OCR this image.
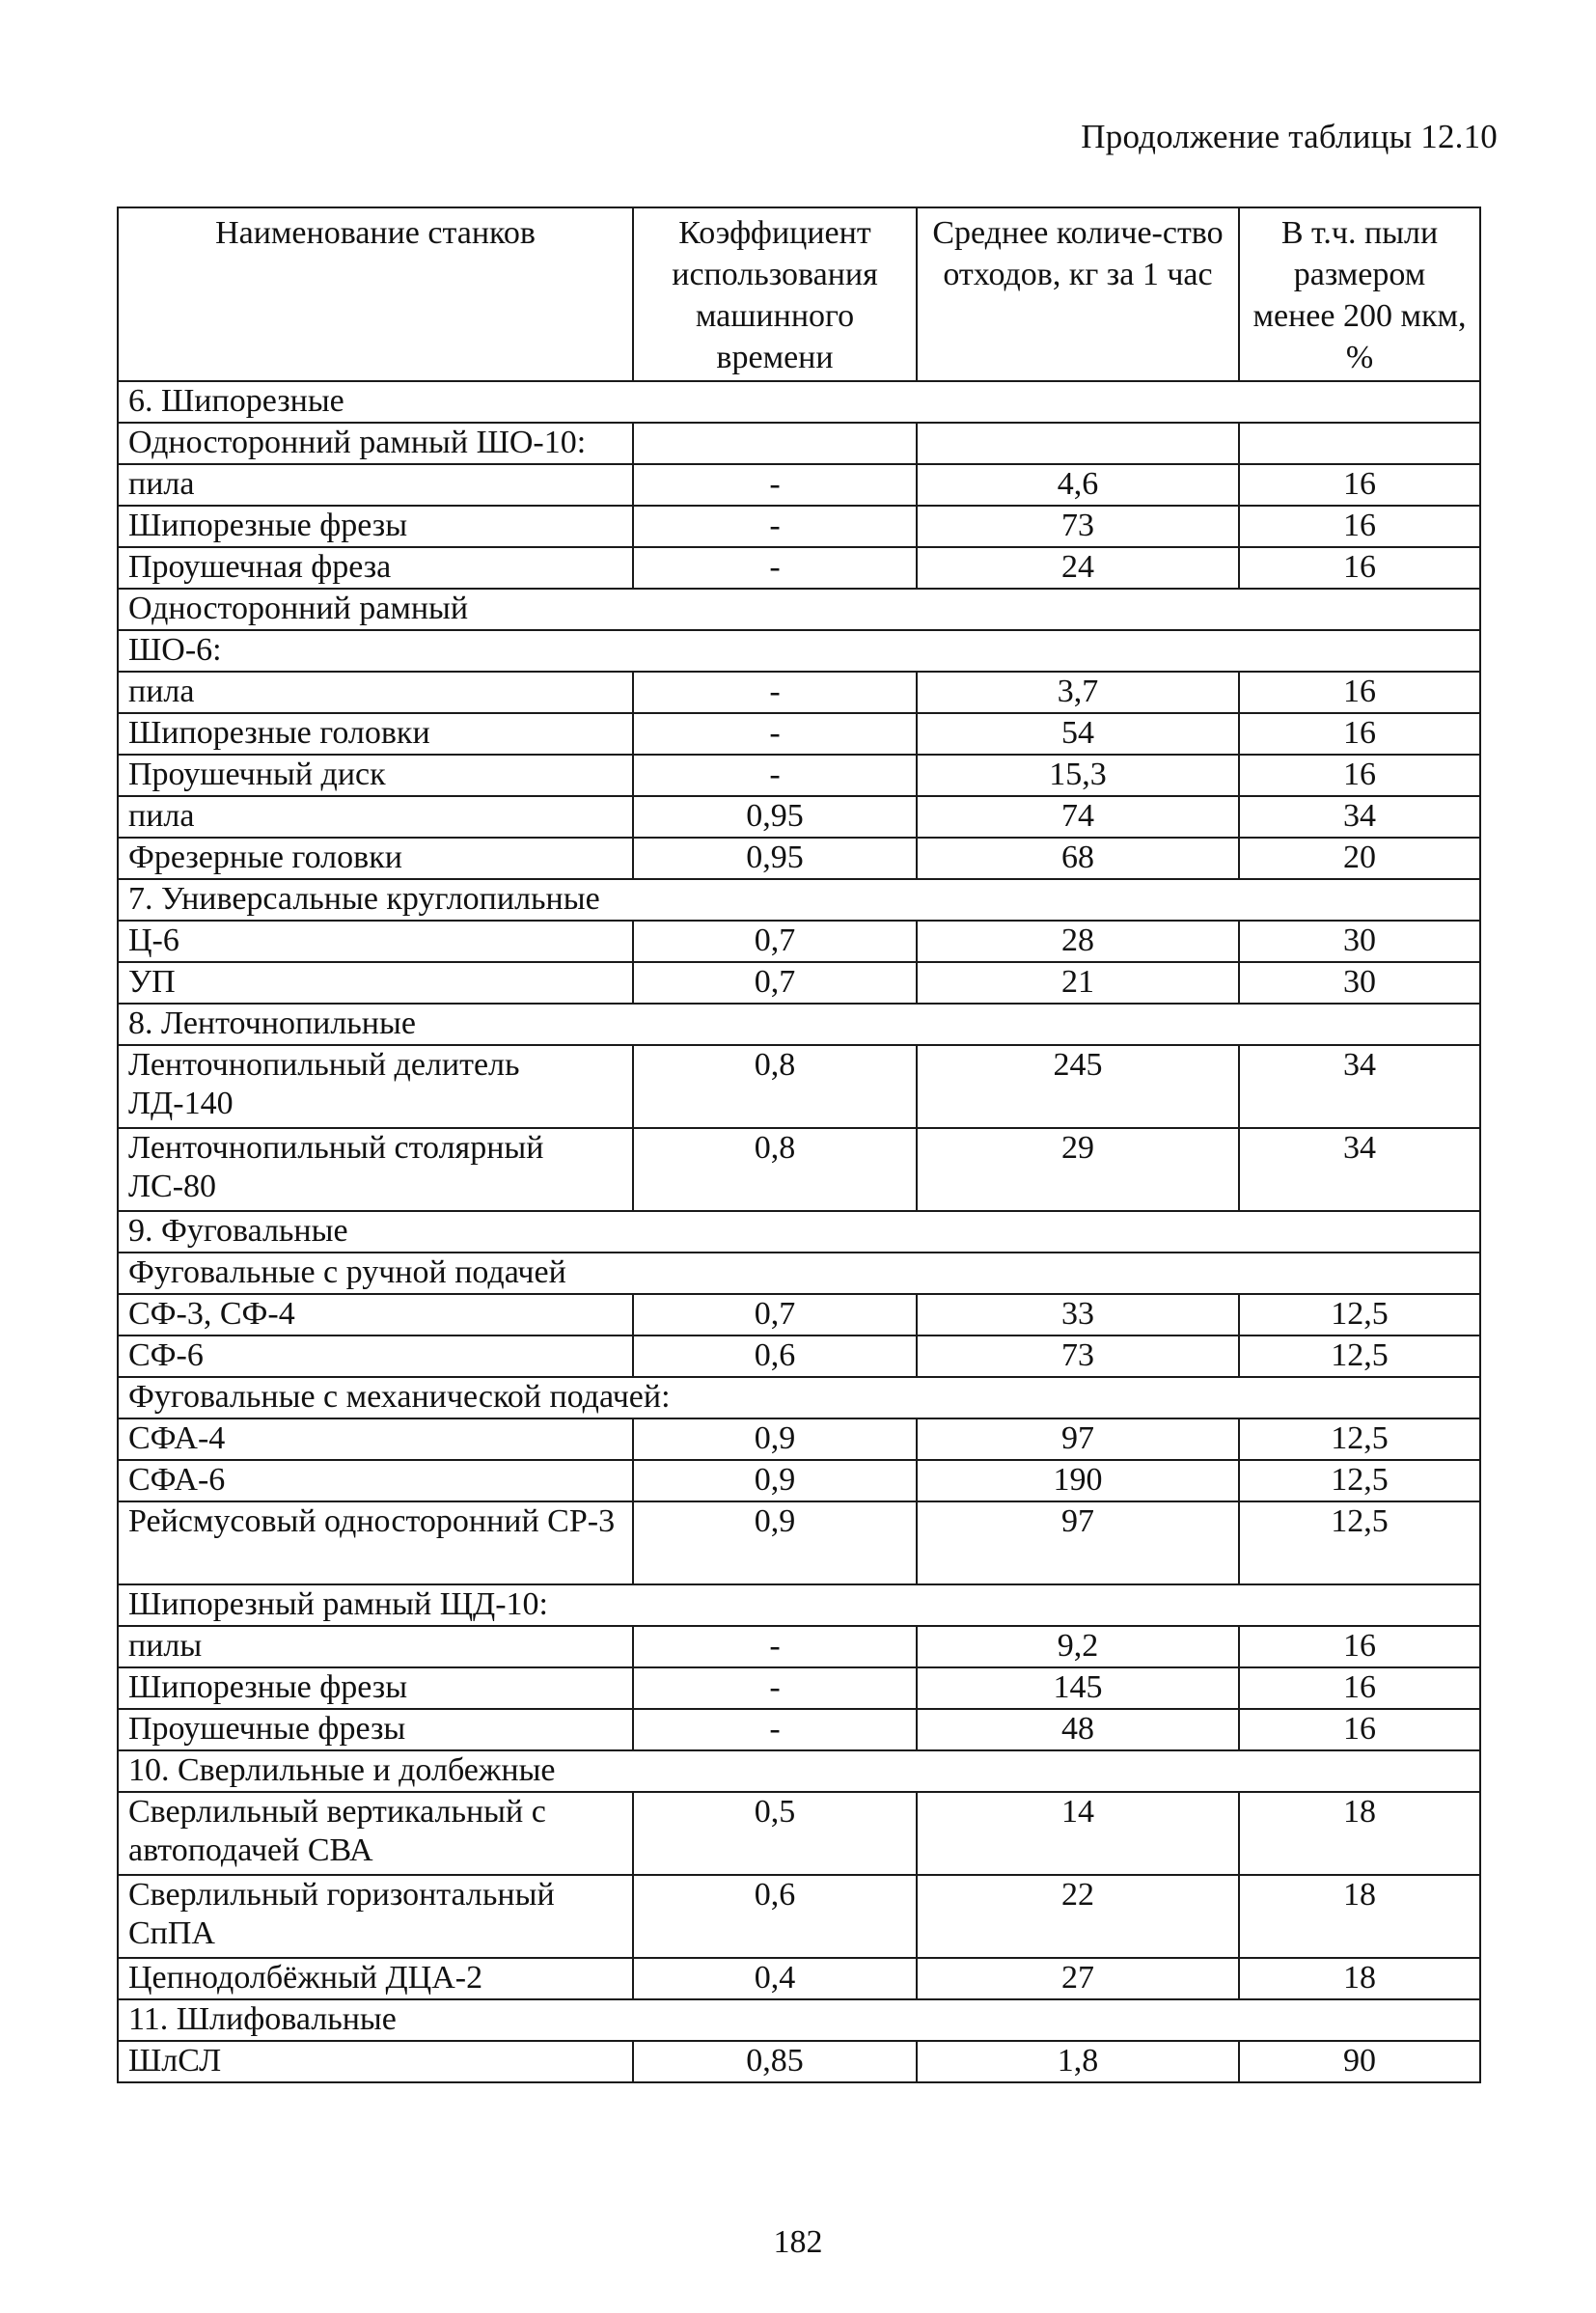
Продолжение таблицы 12.10
Наименование станков	Коэффициент использования машинного времени	Среднее количе-ство отходов, кг за 1 час	В т.ч. пыли размером менее 200 мкм, %
6. Шипорезные			
Односторонний рамный ШО-10:			
пила	-	4,6	16
Шипорезные фрезы	-	73	16
Проушечная фреза	-	24	16
Односторонний рамный			
ШО-6:			
пила	-	3,7	16
Шипорезные головки	-	54	16
Проушечный диск	-	15,3	16
пила	0,95	74	34
Фрезерные головки	0,95	68	20
7. Универсальные круглопильные			
Ц-6	0,7	28	30
УП	0,7	21	30
8. Ленточнопильные			
Ленточнопильный делитель ЛД-140	0,8	245	34
Ленточнопильный столярный ЛС-80	0,8	29	34
9. Фуговальные			
Фуговальные с ручной подачей			
СФ-3, СФ-4	0,7	33	12,5
СФ-6	0,6	73	12,5
Фуговальные с механической подачей:			
СФА-4	0,9	97	12,5
СФА-6	0,9	190	12,5
Рейсмусовый односторонний СР-3	0,9	97	12,5
Шипорезный рамный ЩД-10:			
пилы	-	9,2	16
Шипорезные фрезы	-	145	16
Проушечные фрезы	-	48	16
10. Сверлильные и долбежные			
Сверлильный вертикальный с автоподачей СВА	0,5	14	18
Сверлильный горизонтальный СпПА	0,6	22	18
Цепнодолбёжный ДЦА-2	0,4	27	18
11. Шлифовальные			
ШлСЛ	0,85	1,8	90
182
